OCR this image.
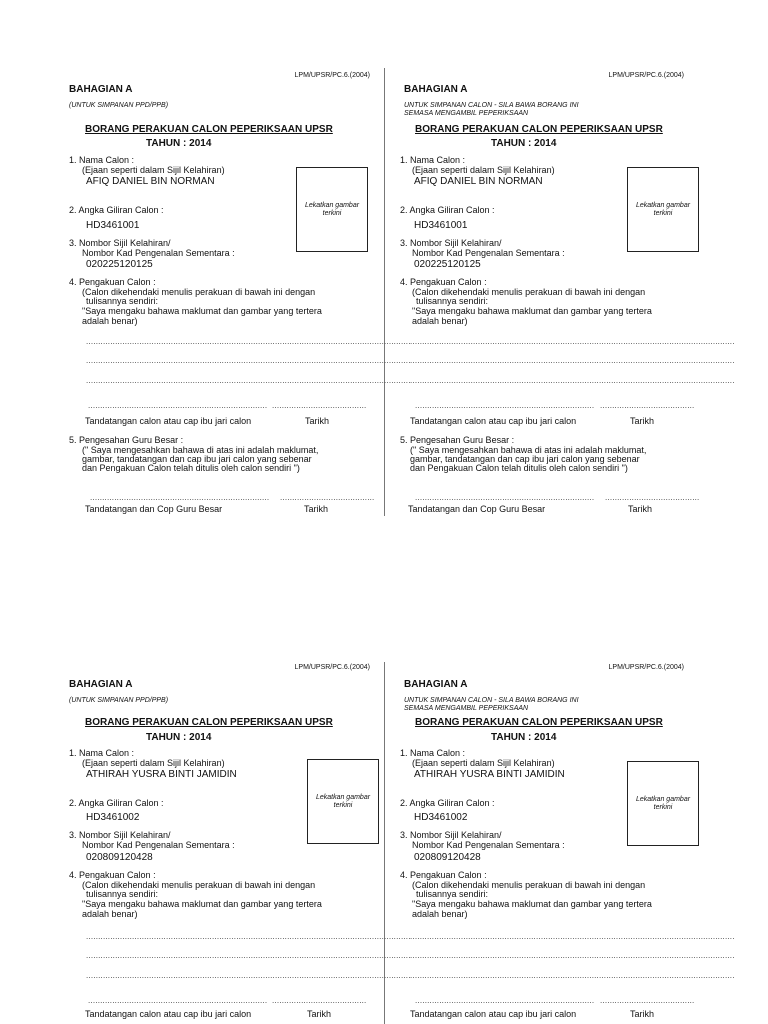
LPM/UPSR/PC.6.(2004)
BAHAGIAN A
(UNTUK SIMPANAN PPD/PPB)
BORANG PERAKUAN CALON PEPERIKSAAN UPSR
TAHUN : 2014
1. Nama Calon :
(Ejaan seperti dalam Sijil Kelahiran)
AFIQ DANIEL BIN NORMAN
Lekatkan gambar terkini
2. Angka Giliran Calon :
HD3461001
3. Nombor Sijil Kelahiran/
Nombor Kad Pengenalan Sementara :
020225120125
4. Pengakuan Calon :
(Calon dikehendaki menulis perakuan di bawah ini dengan
tulisannya sendiri:
"Saya mengaku bahawa maklumat dan gambar yang tertera
adalah benar)
......................................................................................................................................
......................................................................................................................................
......................................................................................................................................
.......................................................................... .......................................
Tandatangan calon atau cap ibu jari calon	Tarikh
5. Pengesahan Guru Besar :
(" Saya mengesahkan bahawa di atas ini adalah maklumat,
gambar, tandatangan dan cap ibu jari calon yang sebenar
dan Pengakuan Calon telah ditulis oleh calon sendiri ")
.......................................................................... .......................................
Tandatangan dan Cop Guru Besar	Tarikh
LPM/UPSR/PC.6.(2004)
BAHAGIAN A
UNTUK SIMPANAN CALON - SILA BAWA BORANG INI SEMASA MENGAMBIL PEPERIKSAAN
BORANG PERAKUAN CALON PEPERIKSAAN UPSR
TAHUN : 2014
1. Nama Calon :
(Ejaan seperti dalam Sijil Kelahiran)
AFIQ DANIEL BIN NORMAN
Lekatkan gambar terkini
2. Angka Giliran Calon :
HD3461001
3. Nombor Sijil Kelahiran/
Nombor Kad Pengenalan Sementara :
020225120125
4. Pengakuan Calon :
(Calon dikehendaki menulis perakuan di bawah ini dengan
tulisannya sendiri:
"Saya mengaku bahawa maklumat dan gambar yang tertera
adalah benar)
......................................................................................................................................
......................................................................................................................................
......................................................................................................................................
.......................................................................... .......................................
Tandatangan calon atau cap ibu jari calon	Tarikh
5. Pengesahan Guru Besar :
(" Saya mengesahkan bahawa di atas ini adalah maklumat,
gambar, tandatangan dan cap ibu jari calon yang sebenar
dan Pengakuan Calon telah ditulis oleh calon sendiri ")
.......................................................................... .......................................
Tandatangan dan Cop Guru Besar	Tarikh
LPM/UPSR/PC.6.(2004)
BAHAGIAN A
(UNTUK SIMPANAN PPD/PPB)
BORANG PERAKUAN CALON PEPERIKSAAN UPSR
TAHUN : 2014
1. Nama Calon :
(Ejaan seperti dalam Sijil Kelahiran)
ATHIRAH YUSRA BINTI JAMIDIN
Lekatkan gambar terkini
2. Angka Giliran Calon :
HD3461002
3. Nombor Sijil Kelahiran/
Nombor Kad Pengenalan Sementara :
020809120428
4. Pengakuan Calon :
(Calon dikehendaki menulis perakuan di bawah ini dengan
tulisannya sendiri:
"Saya mengaku bahawa maklumat dan gambar yang tertera
adalah benar)
......................................................................................................................................
......................................................................................................................................
......................................................................................................................................
.......................................................................... .......................................
Tandatangan calon atau cap ibu jari calon	Tarikh
LPM/UPSR/PC.6.(2004)
BAHAGIAN A
UNTUK SIMPANAN CALON - SILA BAWA BORANG INI SEMASA MENGAMBIL PEPERIKSAAN
BORANG PERAKUAN CALON PEPERIKSAAN UPSR
TAHUN : 2014
1. Nama Calon :
(Ejaan seperti dalam Sijil Kelahiran)
ATHIRAH YUSRA BINTI JAMIDIN
Lekatkan gambar terkini
2. Angka Giliran Calon :
HD3461002
3. Nombor Sijil Kelahiran/
Nombor Kad Pengenalan Sementara :
020809120428
4. Pengakuan Calon :
(Calon dikehendaki menulis perakuan di bawah ini dengan
tulisannya sendiri:
"Saya mengaku bahawa maklumat dan gambar yang tertera
adalah benar)
......................................................................................................................................
......................................................................................................................................
......................................................................................................................................
.......................................................................... .......................................
Tandatangan calon atau cap ibu jari calon	Tarikh
